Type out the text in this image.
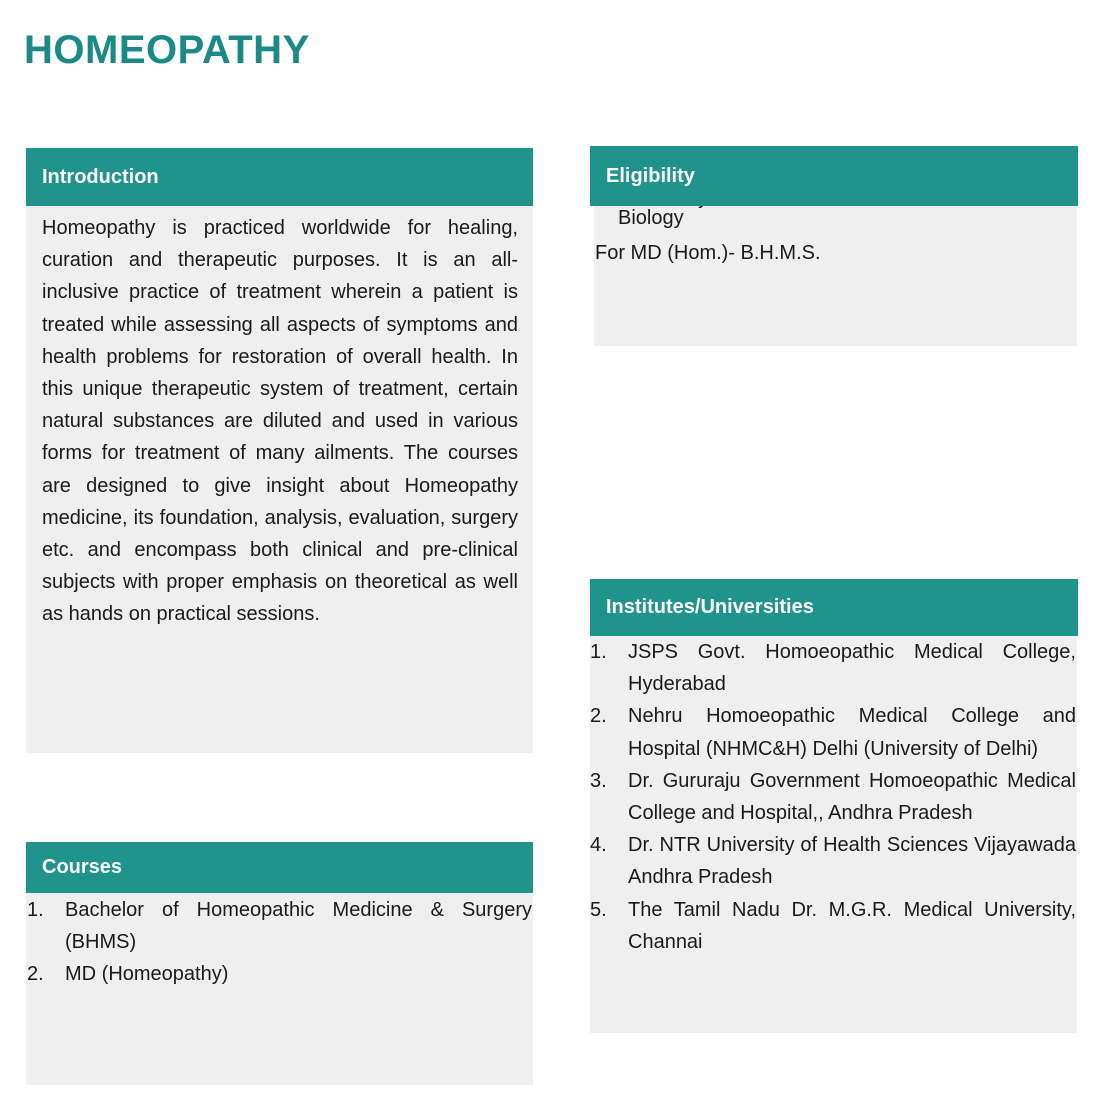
HOMEOPATHY
Introduction
Homeopathy is practiced worldwide for healing, curation and therapeutic purposes. It is an all-inclusive practice of treatment wherein a patient is treated while assessing all aspects of symptoms and health problems for restoration of overall health. In this unique therapeutic system of treatment, certain natural substances are diluted and used in various forms for treatment of many ailments. The courses are designed to give insight about Homeopathy medicine, its foundation, analysis, evaluation, surgery etc. and encompass both clinical and pre-clinical subjects with proper emphasis on theoretical as well as hands on practical sessions.
Biology
Eligibility
For MD (Hom.)- B.H.M.S.
Courses
1. Bachelor of Homeopathic Medicine & Surgery (BHMS)
2. MD (Homeopathy)
Institutes/Universities
1. JSPS Govt. Homoeopathic Medical College, Hyderabad
2. Nehru Homoeopathic Medical College and Hospital (NHMC&H) Delhi (University of Delhi)
3. Dr. Gururaju Government Homoeopathic Medical College and Hospital,, Andhra Pradesh
4. Dr. NTR University of Health Sciences Vijayawada Andhra Pradesh
5. The Tamil Nadu Dr. M.G.R. Medical University, Channai
